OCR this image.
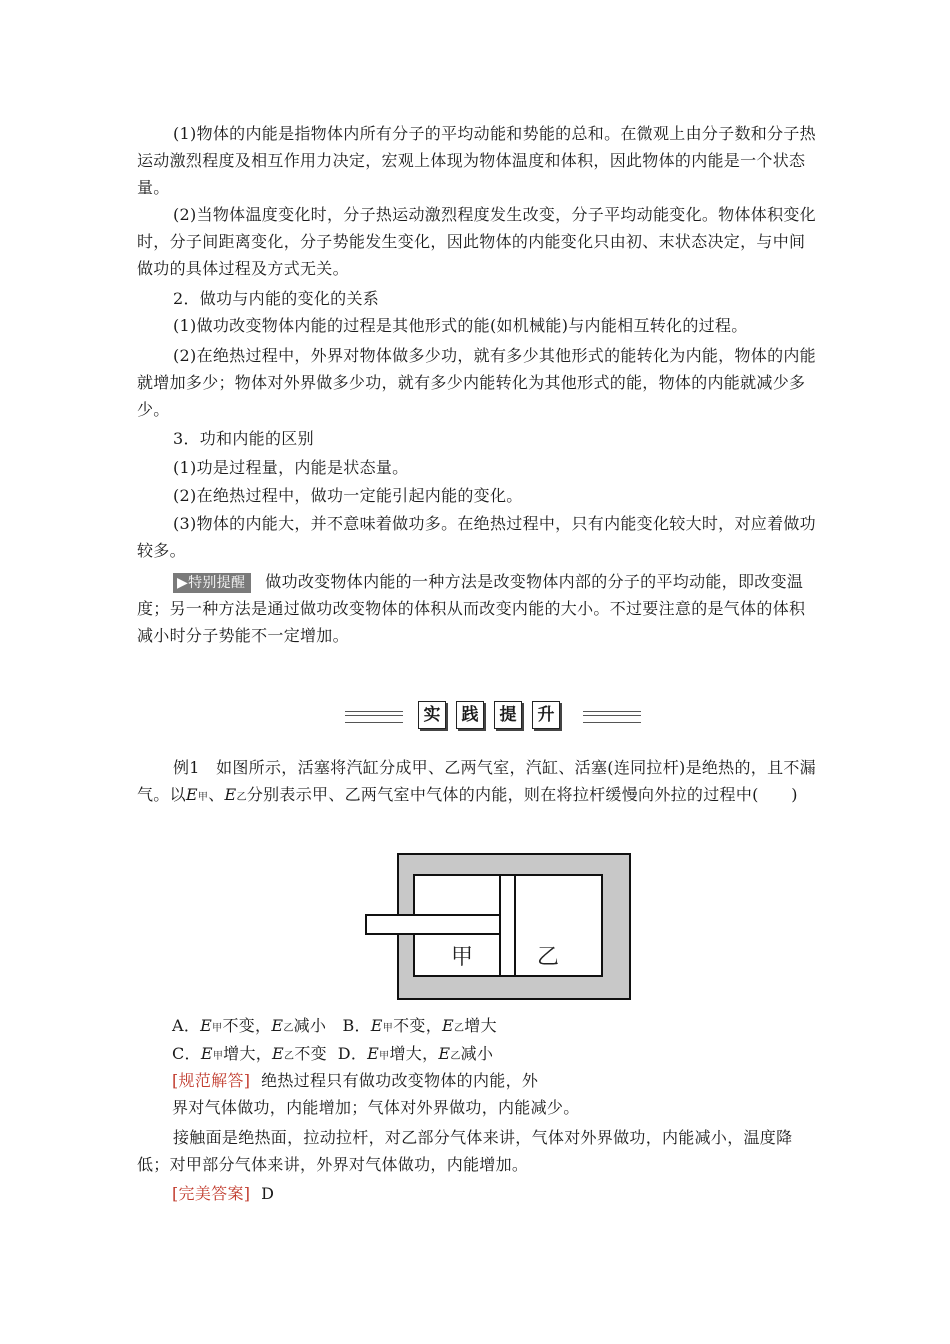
(1)物体的内能是指物体内所有分子的平均动能和势能的总和。在微观上由分子数和分子热运动激烈程度及相互作用力决定，宏观上体现为物体温度和体积，因此物体的内能是一个状态量。

(2)当物体温度变化时，分子热运动激烈程度发生改变，分子平均动能变化。物体体积变化时，分子间距离变化，分子势能发生变化，因此物体的内能变化只由初、末状态决定，与中间做功的具体过程及方式无关。

2．做功与内能的变化的关系

(1)做功改变物体内能的过程是其他形式的能(如机械能)与内能相互转化的过程。

(2)在绝热过程中，外界对物体做多少功，就有多少其他形式的能转化为内能，物体的内能就增加多少；物体对外界做多少功，就有多少内能转化为其他形式的能，物体的内能就减少多少。

3．功和内能的区别

(1)功是过程量，内能是状态量。

(2)在绝热过程中，做功一定能引起内能的变化。

(3)物体的内能大，并不意味着做功多。在绝热过程中，只有内能变化较大时，对应着做功较多。

▶特别提醒 做功改变物体内能的一种方法是改变物体内部的分子的平均动能，即改变温度；另一种方法是通过做功改变物体的体积从而改变内能的大小。不过要注意的是气体的体积减小时分子势能不一定增加。

实	践	提	升

例1　如图所示，活塞将汽缸分成甲、乙两气室，汽缸、活塞(连同拉杆)是绝热的，且不漏气。以E甲、E乙分别表示甲、乙两气室中气体的内能，则在将拉杆缓慢向外拉的过程中(　　)

甲	乙

A．E甲不变，E乙减小 B．E甲不变，E乙增大

C．E甲增大，E乙不变 D．E甲增大，E乙减小

[规范解答] 绝热过程只有做功改变物体的内能，外

界对气体做功，内能增加；气体对外界做功，内能减少。

接触面是绝热面，拉动拉杆，对乙部分气体来讲，气体对外界做功，内能减小，温度降低；对甲部分气体来讲，外界对气体做功，内能增加。

[完美答案] D
